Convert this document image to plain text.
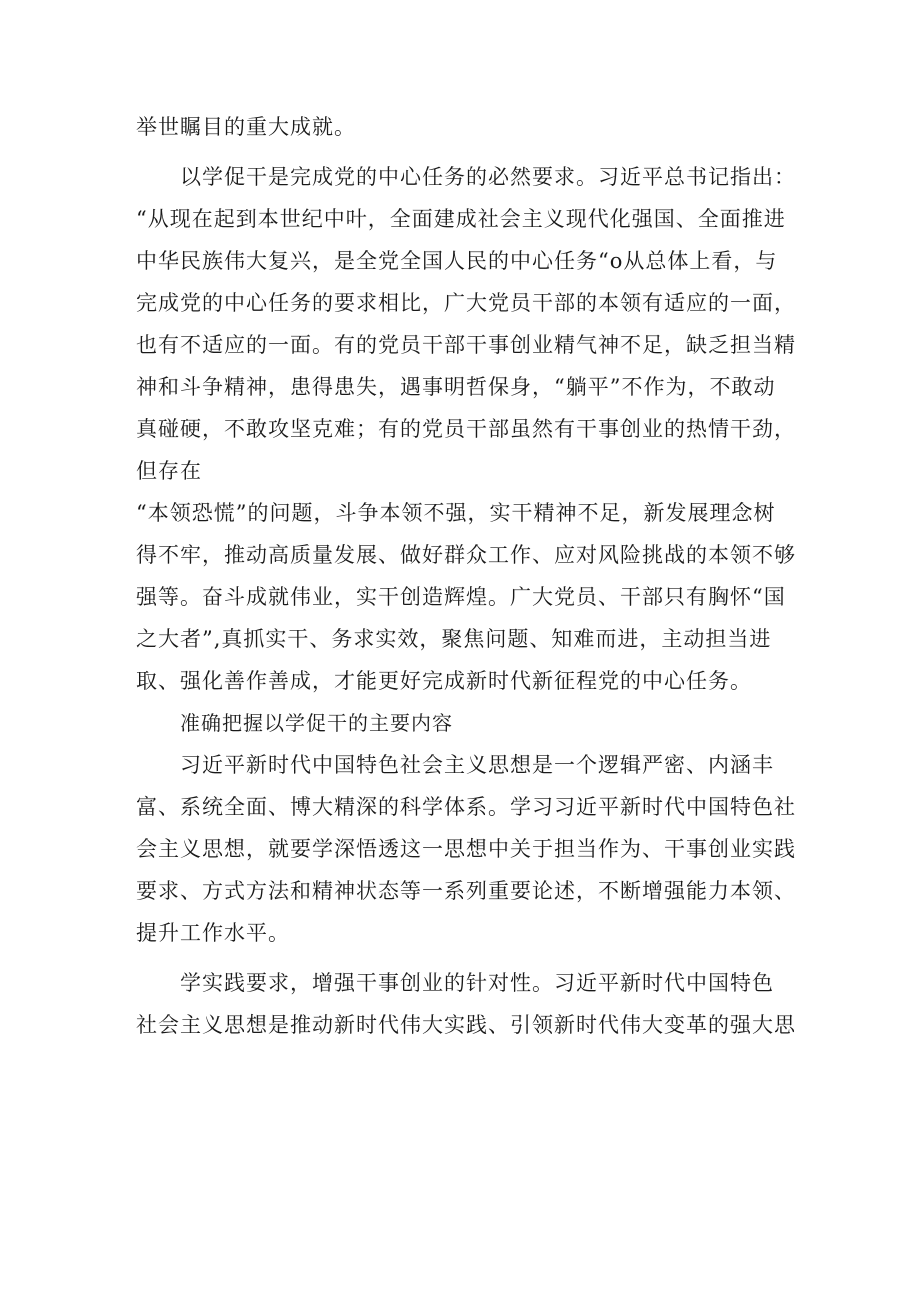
举世瞩目的重大成就。
以学促干是完成党的中心任务的必然要求。习近平总书记指出：
“从现在起到本世纪中叶，全面建成社会主义现代化强国、全面推进
中华民族伟大复兴，是全党全国人民的中心任务“o从总体上看，与
完成党的中心任务的要求相比，广大党员干部的本领有适应的一面，
也有不适应的一面。有的党员干部干事创业精气神不足，缺乏担当精
神和斗争精神，患得患失，遇事明哲保身，“躺平”不作为，不敢动
真碰硬，不敢攻坚克难；有的党员干部虽然有干事创业的热情干劲，
但存在
“本领恐慌”的问题，斗争本领不强，实干精神不足，新发展理念树
得不牢，推动高质量发展、做好群众工作、应对风险挑战的本领不够
强等。奋斗成就伟业，实干创造辉煌。广大党员、干部只有胸怀“国
之大者”,真抓实干、务求实效，聚焦问题、知难而进，主动担当进
取、强化善作善成，才能更好完成新时代新征程党的中心任务。
准确把握以学促干的主要内容
习近平新时代中国特色社会主义思想是一个逻辑严密、内涵丰
富、系统全面、博大精深的科学体系。学习习近平新时代中国特色社
会主义思想，就要学深悟透这一思想中关于担当作为、干事创业实践
要求、方式方法和精神状态等一系列重要论述，不断增强能力本领、
提升工作水平。
学实践要求，增强干事创业的针对性。习近平新时代中国特色
社会主义思想是推动新时代伟大实践、引领新时代伟大变革的强大思
